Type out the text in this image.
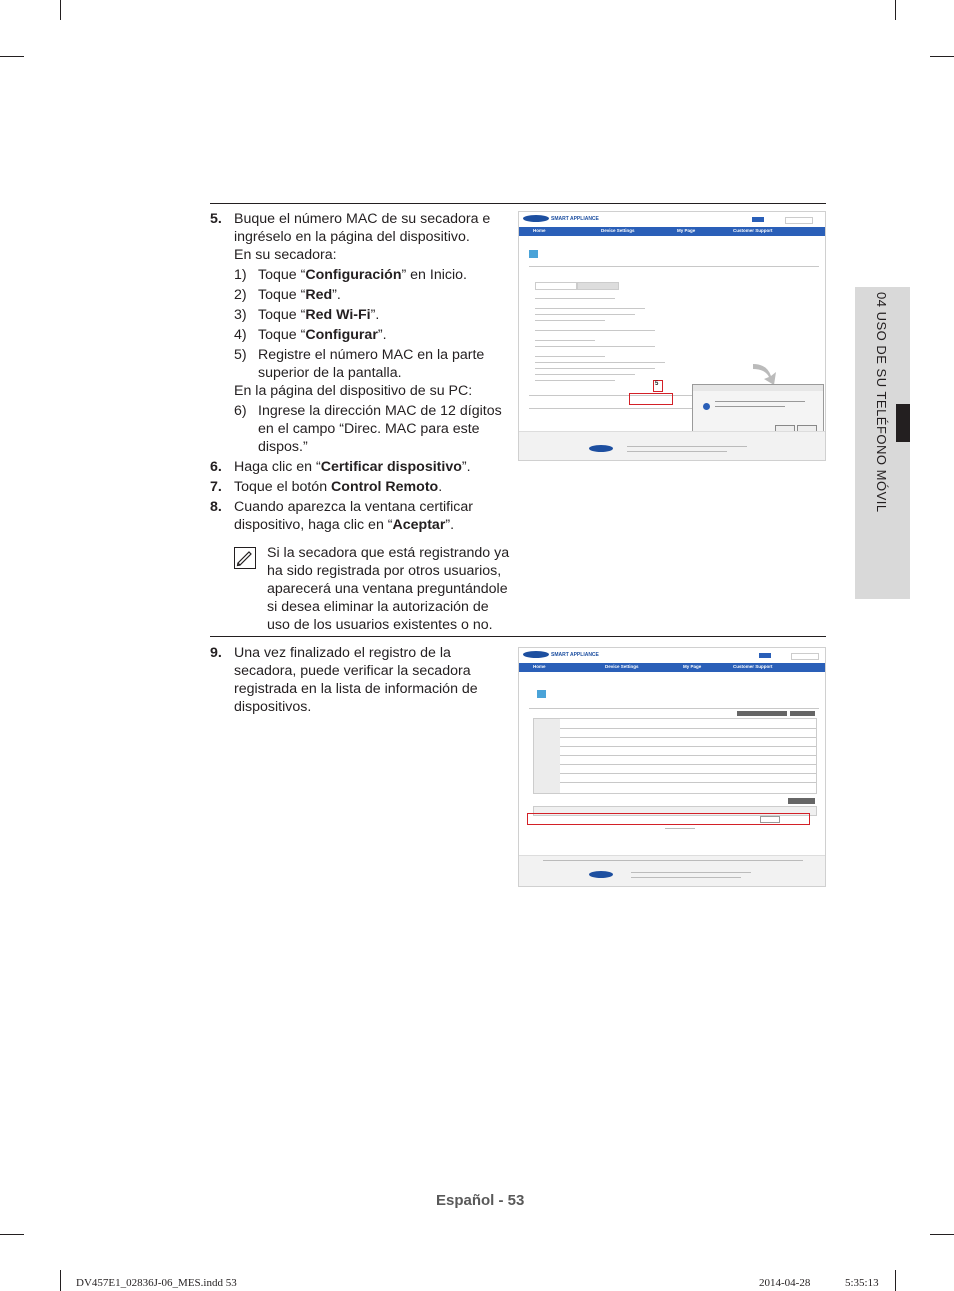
04 USO DE SU TELÉFONO MÓVIL
5. Buque el número MAC de su secadora e ingréselo en la página del dispositivo.

En su secadora:

1) Toque “Configuración” en Inicio.
2) Toque “Red”.
3) Toque “Red Wi-Fi”.
4) Toque “Configurar”.
5) Registre el número MAC en la parte superior de la pantalla.

En la página del dispositivo de su PC:

6) Ingrese la dirección MAC de 12 dígitos en el campo “Direc. MAC para este dispos.”
6. Haga clic en “Certificar dispositivo”.
7. Toque el botón Control Remoto.
8. Cuando aparezca la ventana certificar dispositivo, haga clic en “Aceptar”.
Si la secadora que está registrando ya ha sido registrada por otros usuarios, aparecerá una ventana preguntándole si desea eliminar la autorización de uso de los usuarios existentes o no.
9. Una vez finalizado el registro de la secadora, puede verificar la secadora registrada en la lista de información de dispositivos.

SMART APPLIANCE
Home	Device Settings	My Page	Customer Support
5
SMART APPLIANCE
Home	Device Settings	My Page	Customer Support
Español - 53
DV457E1_02836J-06_MES.indd 53	2014-04-28	5:35:13
